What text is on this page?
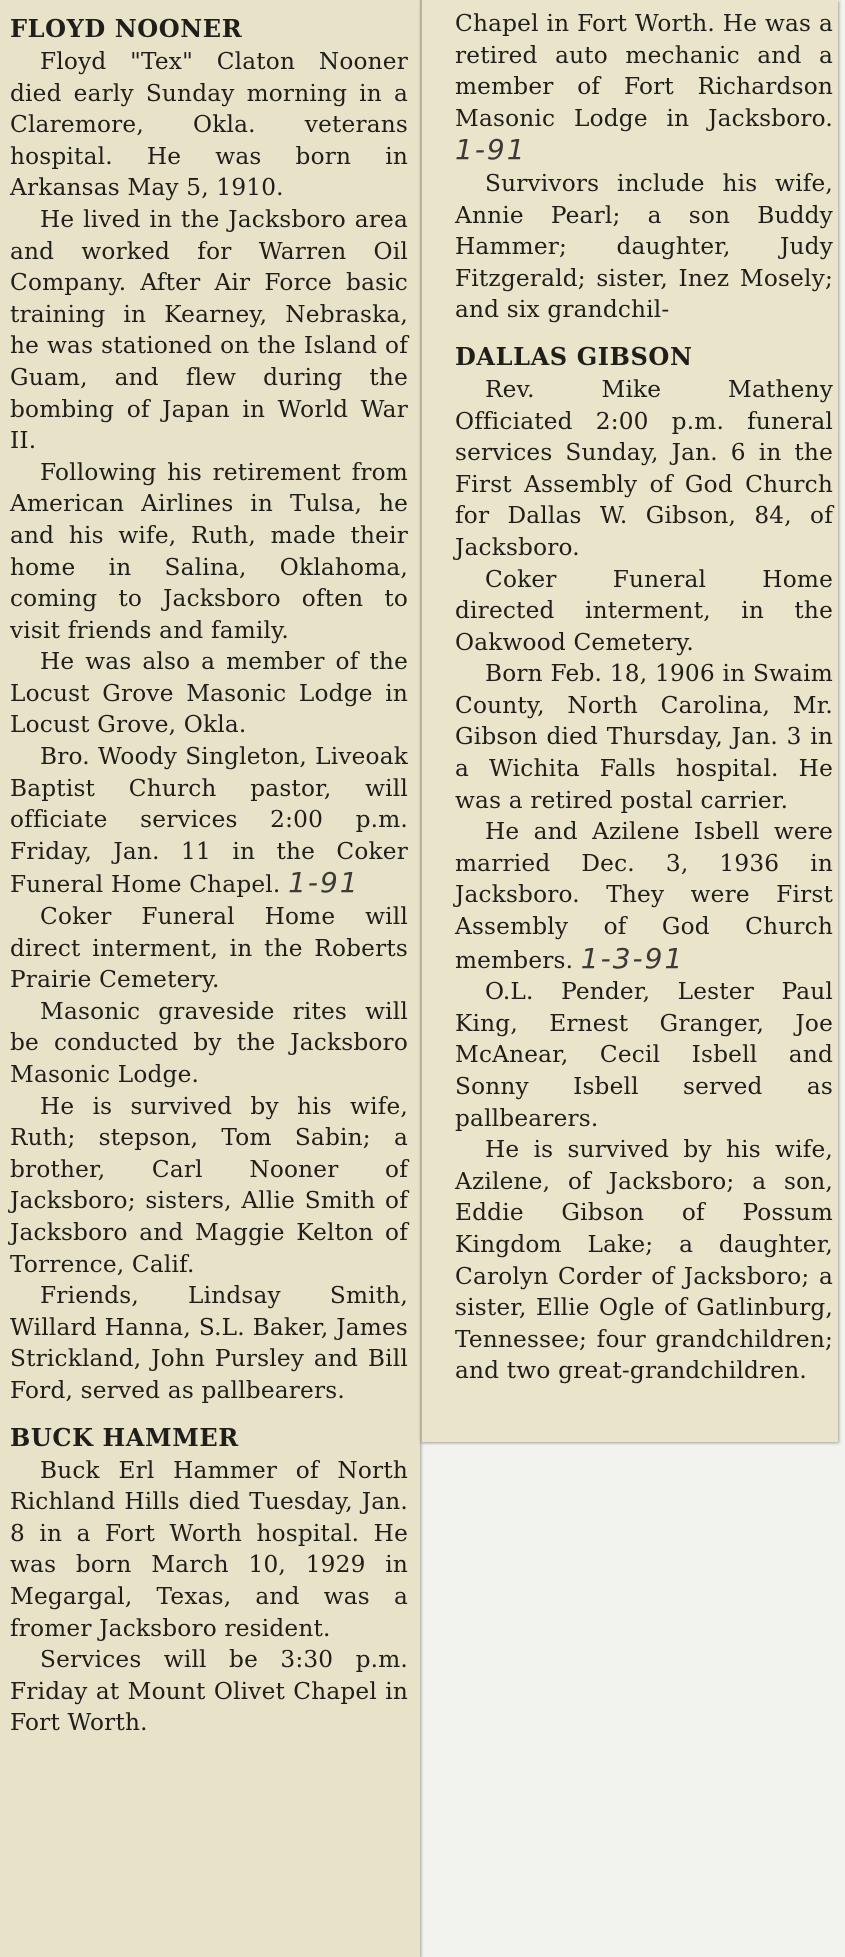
FLOYD NOONER

Floyd "Tex" Claton Nooner died early Sunday morning in a Claremore, Okla. veterans hospital. He was born in Arkansas May 5, 1910.

He lived in the Jacksboro area and worked for Warren Oil Company. After Air Force basic training in Kearney, Nebraska, he was stationed on the Island of Guam, and flew during the bombing of Japan in World War II.

Following his retirement from American Airlines in Tulsa, he and his wife, Ruth, made their home in Salina, Oklahoma, coming to Jacksboro often to visit friends and family.

He was also a member of the Locust Grove Masonic Lodge in Locust Grove, Okla.

Bro. Woody Singleton, Liveoak Baptist Church pastor, will officiate services 2:00 p.m. Friday, Jan. 11 in the Coker Funeral Home Chapel. 1-91

Coker Funeral Home will direct interment, in the Roberts Prairie Cemetery.

Masonic graveside rites will be conducted by the Jacksboro Masonic Lodge.

He is survived by his wife, Ruth; stepson, Tom Sabin; a brother, Carl Nooner of Jacksboro; sisters, Allie Smith of Jacksboro and Maggie Kelton of Torrence, Calif.

Friends, Lindsay Smith, Willard Hanna, S.L. Baker, James Strickland, John Pursley and Bill Ford, served as pallbearers.

BUCK HAMMER

Buck Erl Hammer of North Richland Hills died Tuesday, Jan. 8 in a Fort Worth hospital. He was born March 10, 1929 in Megargal, Texas, and was a fromer Jacksboro resident.

Services will be 3:30 p.m. Friday at Mount Olivet Chapel in Fort Worth.

Chapel in Fort Worth. He was a retired auto mechanic and a member of Fort Richardson Masonic Lodge in Jacksboro. 1-91

Survivors include his wife, Annie Pearl; a son Buddy Hammer; daughter, Judy Fitzgerald; sister, Inez Mosely; and six grandchil-

DALLAS GIBSON

Rev. Mike Matheny Officiated 2:00 p.m. funeral services Sunday, Jan. 6 in the First Assembly of God Church for Dallas W. Gibson, 84, of Jacksboro.

Coker Funeral Home directed interment, in the Oakwood Cemetery.

Born Feb. 18, 1906 in Swaim County, North Carolina, Mr. Gibson died Thursday, Jan. 3 in a Wichita Falls hospital. He was a retired postal carrier.

He and Azilene Isbell were married Dec. 3, 1936 in Jacksboro. They were First Assembly of God Church members. 1-3-91

O.L. Pender, Lester Paul King, Ernest Granger, Joe McAnear, Cecil Isbell and Sonny Isbell served as pallbearers.

He is survived by his wife, Azilene, of Jacksboro; a son, Eddie Gibson of Possum Kingdom Lake; a daughter, Carolyn Corder of Jacksboro; a sister, Ellie Ogle of Gatlinburg, Tennessee; four grandchildren; and two great-grandchildren.
